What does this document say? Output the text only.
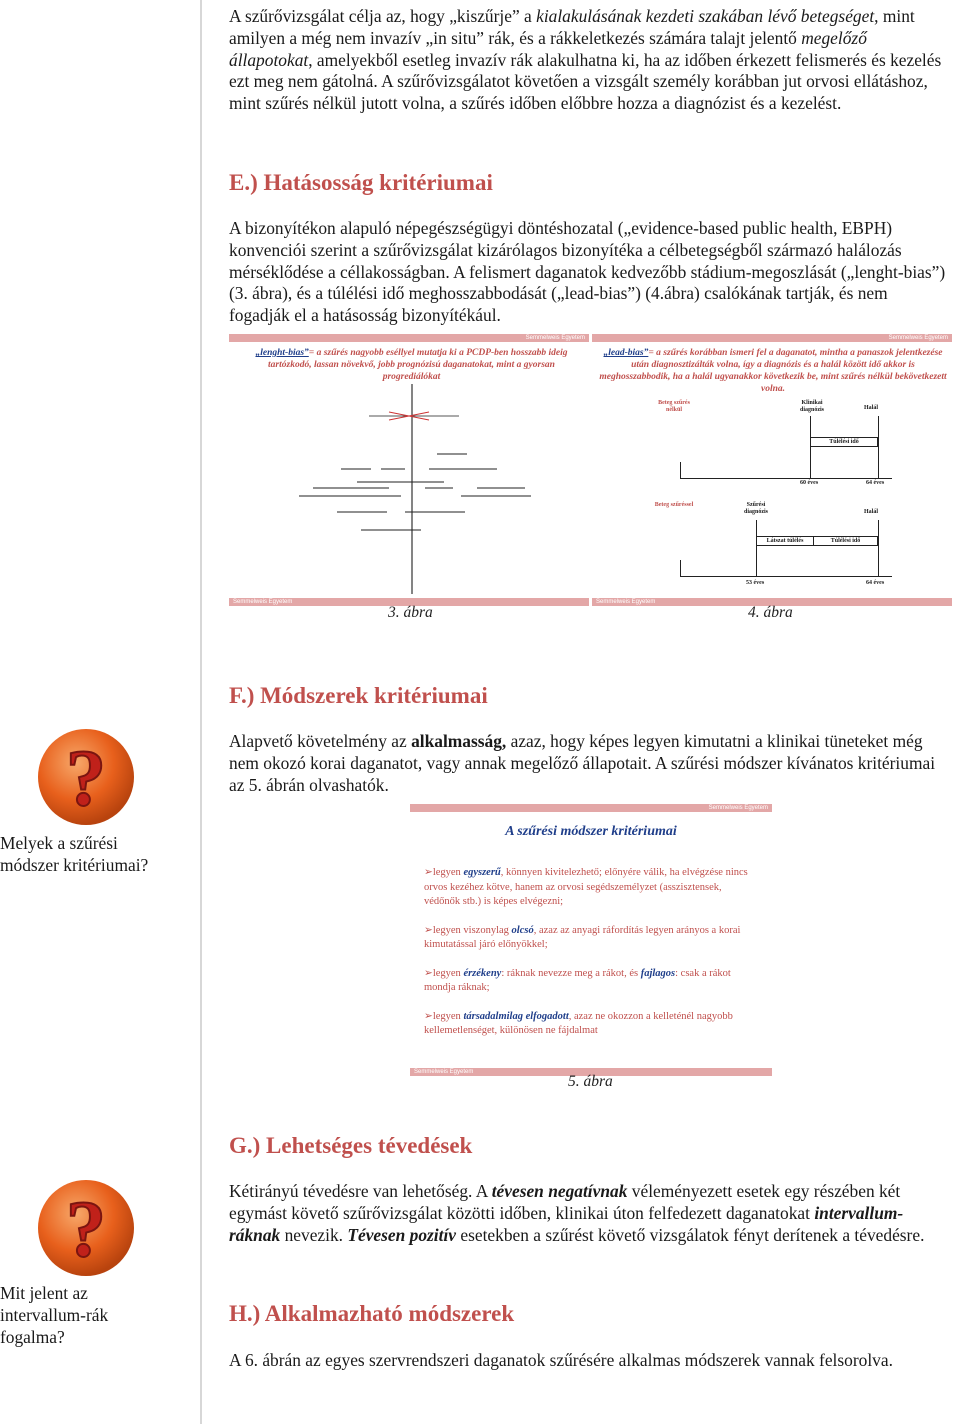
A szűrővizsgálat célja az, hogy „kiszűrje” a kialakulásának kezdeti szakában lévő betegséget, mint amilyen a még nem invazív „in situ” rák, és a rákkeletkezés számára talajt jelentő megelőző állapotokat, amelyekből esetleg invazív rák alakulhatna ki, ha az időben érkezett felismerés és kezelés ezt meg nem gátolná. A szűrővizsgálatot követően a vizsgált személy korábban jut orvosi ellátáshoz, mint szűrés nélkül jutott volna, a szűrés időben előbbre hozza a diagnózist és a kezelést.

E.) Hatásosság kritériumai

A bizonyítékon alapuló népegészségügyi döntéshozatal („evidence-based public health, EBPH) konvenciói szerint a szűrővizsgálat kizárólagos bizonyítéka a célbetegségből származó halálozás mérséklődése a céllakosságban. A felismert daganatok kedvezőbb stádium-megoszlását („lenght-bias”) (3. ábra), és a túlélési idő meghosszabbodását („lead-bias”) (4.ábra) csalókának tartják, és nem fogadják el a hatásosság bizonyítékául.

Semmelweis Egyetem
„lenght-bias”= a szűrés nagyobb eséllyel mutatja ki a PCDP-ben hosszabb ideig tartózkodó, lassan növekvő, jobb prognózisú daganatokat, mint a gyorsan progrediálókat
Semmelweis Egyetem
Semmelweis Egyetem
„lead-bias”= a szűrés korábban ismeri fel a daganatot, mintha a panaszok jelentkezése után diagnosztizálták volna, így a diagnózis és a halál között idő akkor is meghosszabbodik, ha a halál ugyanakkor következik be, mint szűrés nélkül bekövetkezett volna.
Beteg szűrés nélkül
Klinikai diagnózis	Halál
Túlélési idő
60 éves	64 éves
Beteg szűréssel	Szűrési diagnózis	Halál
Látszat túlélés	Túlélési idő
53 éves	64 éves
Semmelweis Egyetem
3. ábra	4. ábra
F.) Módszerek kritériumai

Alapvető követelmény az alkalmasság, azaz, hogy képes legyen kimutatni a klinikai tüneteket még nem okozó korai daganatot, vagy annak megelőző állapotait. A szűrési módszer kívánatos kritériumai az 5. ábrán olvashatók.

?

Melyek a szűrési módszer kritériumai?

Semmelweis Egyetem
A szűrési módszer kritériumai
➢legyen egyszerű, könnyen kivitelezhető; előnyére válik, ha elvégzése nincs orvos kezéhez kötve, hanem az orvosi segédszemélyzet (asszisztensek, védőnők stb.) is képes elvégezni;
➢legyen viszonylag olcsó, azaz az anyagi ráfordítás legyen arányos a korai kimutatással járó előnyökkel;
➢legyen érzékeny: ráknak nevezze meg a rákot, és fajlagos: csak a rákot mondja ráknak;
➢legyen társadalmilag elfogadott, azaz ne okozzon a kelleténél nagyobb kellemetlenséget, különösen ne fájdalmat
Semmelweis Egyetem
5. ábra
G.) Lehetséges tévedések

Kétirányú tévedésre van lehetőség. A tévesen negatívnak véleményezett esetek egy részében két egymást követő szűrővizsgálat közötti időben, klinikai úton felfedezett daganatokat intervallum-ráknak nevezik. Tévesen pozitív esetekben a szűrést követő vizsgálatok fényt derítenek a tévedésre.

?

Mit jelent az intervallum-rák fogalma?

H.) Alkalmazható módszerek

A 6. ábrán az egyes szervrendszeri daganatok szűrésére alkalmas módszerek vannak felsorolva.
